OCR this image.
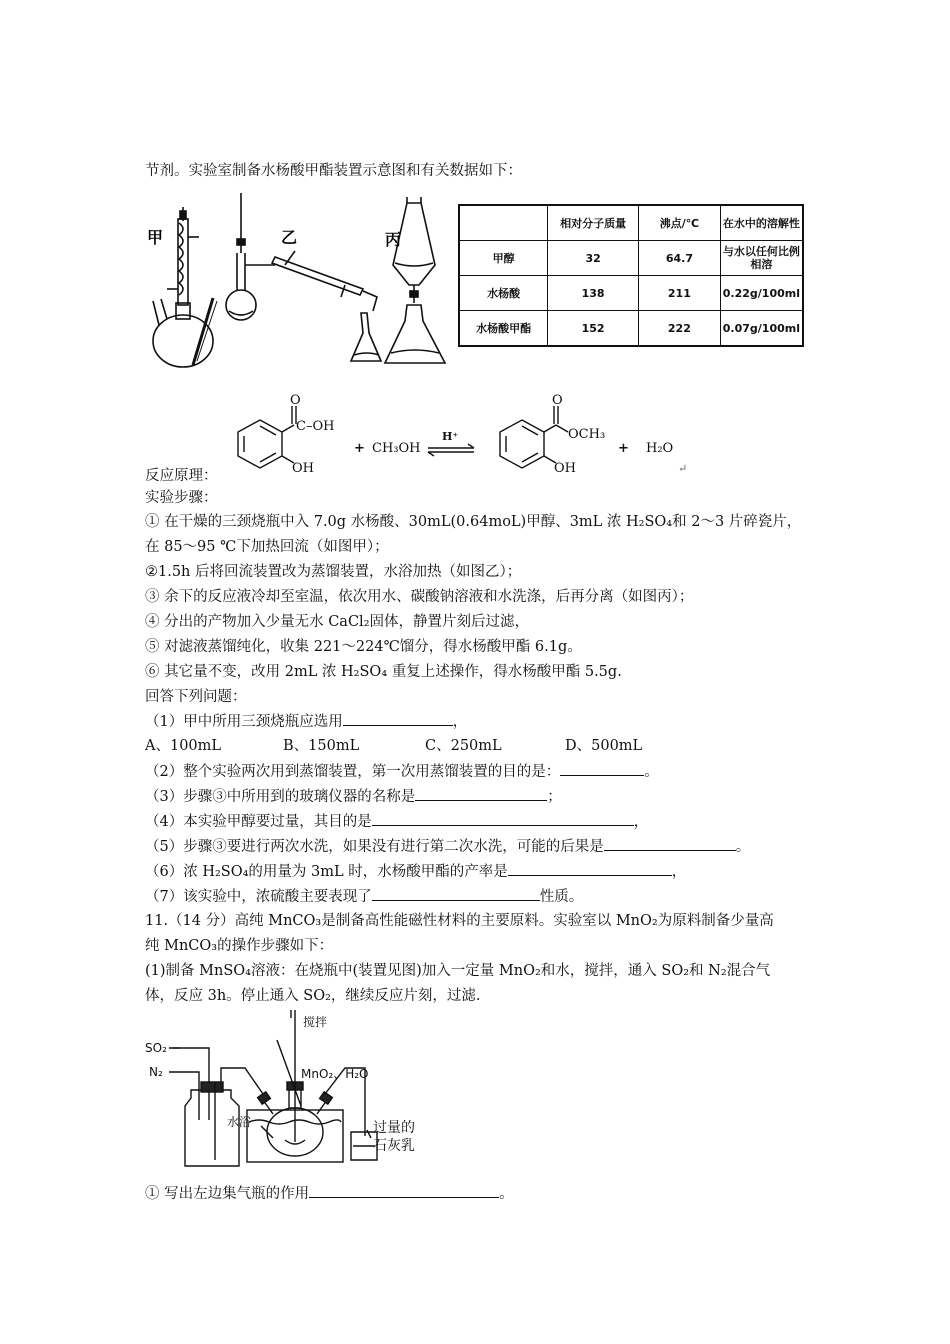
节剂。实验室制备水杨酸甲酯装置示意图和有关数据如下：
甲	乙	丙
	相对分子质量	沸点/℃	在水中的溶解性
甲醇	32	64.7	与水以任何比例相溶
水杨酸	138	211	0.22g/100ml
水杨酸甲酯	152	222	0.07g/100ml
O
C–OH
OH
+ CH₃OH
H⁺
O
OCH₃
OH
+ H₂O
↵
反应原理：
实验步骤：
① 在干燥的三颈烧瓶中入 7.0g 水杨酸、30mL(0.64moL)甲醇、3mL 浓 H₂SO₄和 2～3 片碎瓷片，
在 85～95 ℃下加热回流（如图甲）；
②1.5h 后将回流装置改为蒸馏装置，水浴加热（如图乙）；
③ 余下的反应液冷却至室温，依次用水、碳酸钠溶液和水洗涤，后再分离（如图丙）；
④ 分出的产物加入少量无水 CaCl₂固体，静置片刻后过滤，
⑤ 对滤液蒸馏纯化，收集 221～224℃馏分，得水杨酸甲酯 6.1g。
⑥ 其它量不变，改用 2mL 浓 H₂SO₄ 重复上述操作，得水杨酸甲酯 5.5g.
回答下列问题：
（1）甲中所用三颈烧瓶应选用	，
A、100mL	B、150mL	C、250mL	D、500mL
（2）整个实验两次用到蒸馏装置，第一次用蒸馏装置的目的是：	。
（3）步骤③中所用到的玻璃仪器的名称是	；
（4）本实验甲醇要过量，其目的是	，
（5）步骤③要进行两次水洗，如果没有进行第二次水洗，可能的后果是	。
（6）浓 H₂SO₄的用量为 3mL 时，水杨酸甲酯的产率是	，
（7）该实验中，浓硫酸主要表现了	性质。
11.（14 分）高纯 MnCO₃是制备高性能磁性材料的主要原料。实验室以 MnO₂为原料制备少量高
纯 MnCO₃的操作步骤如下：
(1)制备 MnSO₄溶液：在烧瓶中(装置见图)加入一定量 MnO₂和水，搅拌，通入 SO₂和 N₂混合气
体，反应 3h。停止通入 SO₂，继续反应片刻，过滤.
SO₂
N₂
搅拌
MnO₂、H₂O
水浴	过量的
石灰乳
① 写出左边集气瓶的作用	。
